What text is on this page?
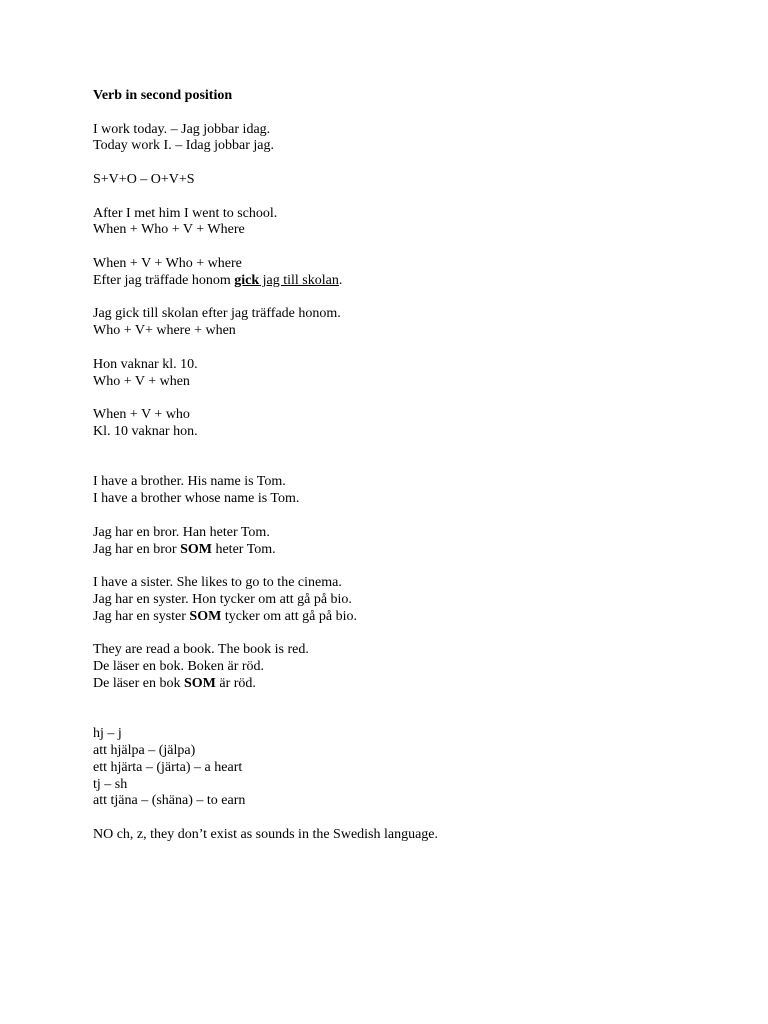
Verb in second position
I work today. – Jag jobbar idag.
Today work I. – Idag jobbar jag.
S+V+O – O+V+S
After I met him I went to school.
When + Who + V + Where
When + V + Who + where
Efter jag träffade honom gick jag till skolan.
Jag gick till skolan efter jag träffade honom.
Who + V+ where + when
Hon vaknar kl. 10.
Who + V + when
When + V + who
Kl. 10 vaknar hon.
I have a brother. His name is Tom.
I have a brother whose name is Tom.
Jag har en bror. Han heter Tom.
Jag har en bror SOM heter Tom.
I have a sister. She likes to go to the cinema.
Jag har en syster. Hon tycker om att gå på bio.
Jag har en syster SOM tycker om att gå på bio.
They are read a book. The book is red.
De läser en bok. Boken är röd.
De läser en bok SOM är röd.
hj – j
att hjälpa – (jälpa)
ett hjärta – (järta) – a heart
tj – sh
att tjäna – (shäna) – to earn
NO ch, z, they don’t exist as sounds in the Swedish language.
